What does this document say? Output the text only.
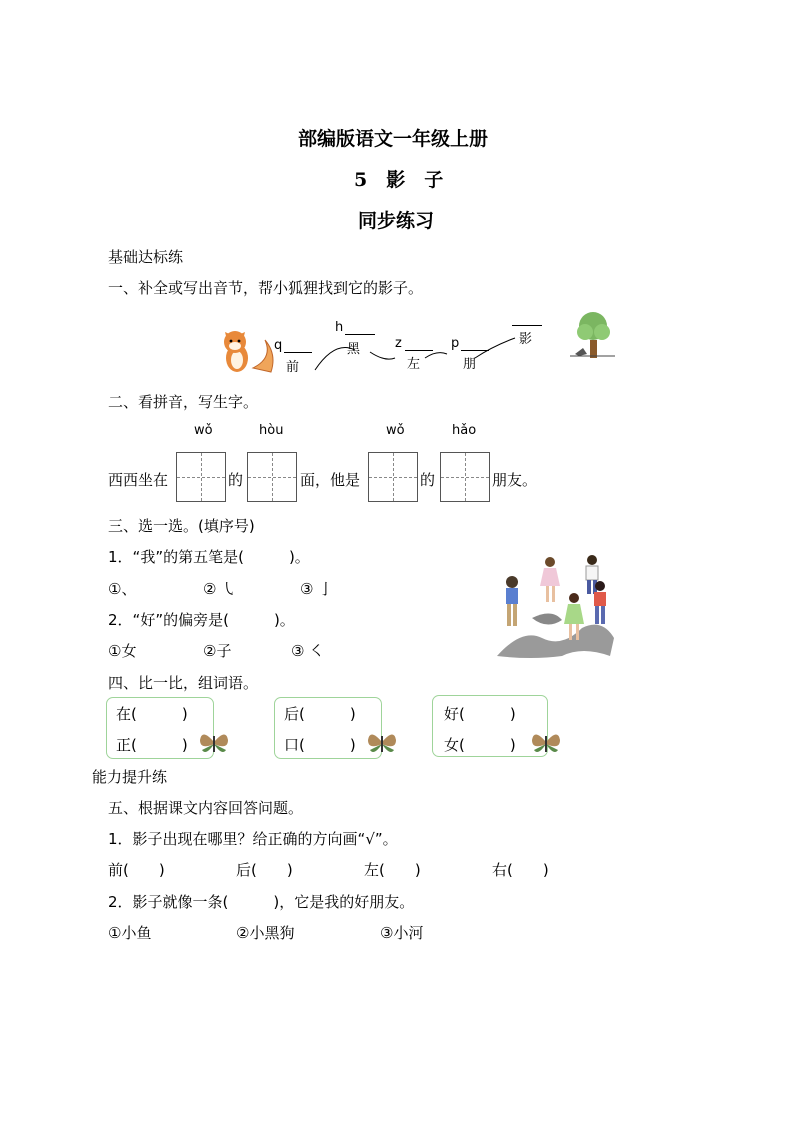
部编版语文一年级上册
5　影　子
同步练习
基础达标练
一、补全或写出音节，帮小狐狸找到它的影子。
q
前
h
黑	z
左
p
朋
影
二、看拼音，写生字。
wǒ	hòu	wǒ	hǎo
西西坐在	的	面，他是	的	朋友。
三、选一选。(填序号)
1．“我”的第五笔是(　　　)。
①、	② ㇂	③ 亅
2．“好”的偏旁是(　　　)。
①女	②子	③ ㇛
四、比一比，组词语。
在(　　　)
正(　　　)
后(　　　)
口(　　　)
好(　　　)
女(　　　)
能力提升练
五、根据课文内容回答问题。
1．影子出现在哪里？给正确的方向画“√”。
前(　　)	后(　　)	左(　　)	右(　　)
2．影子就像一条(　　　)，它是我的好朋友。
①小鱼	②小黑狗	③小河
